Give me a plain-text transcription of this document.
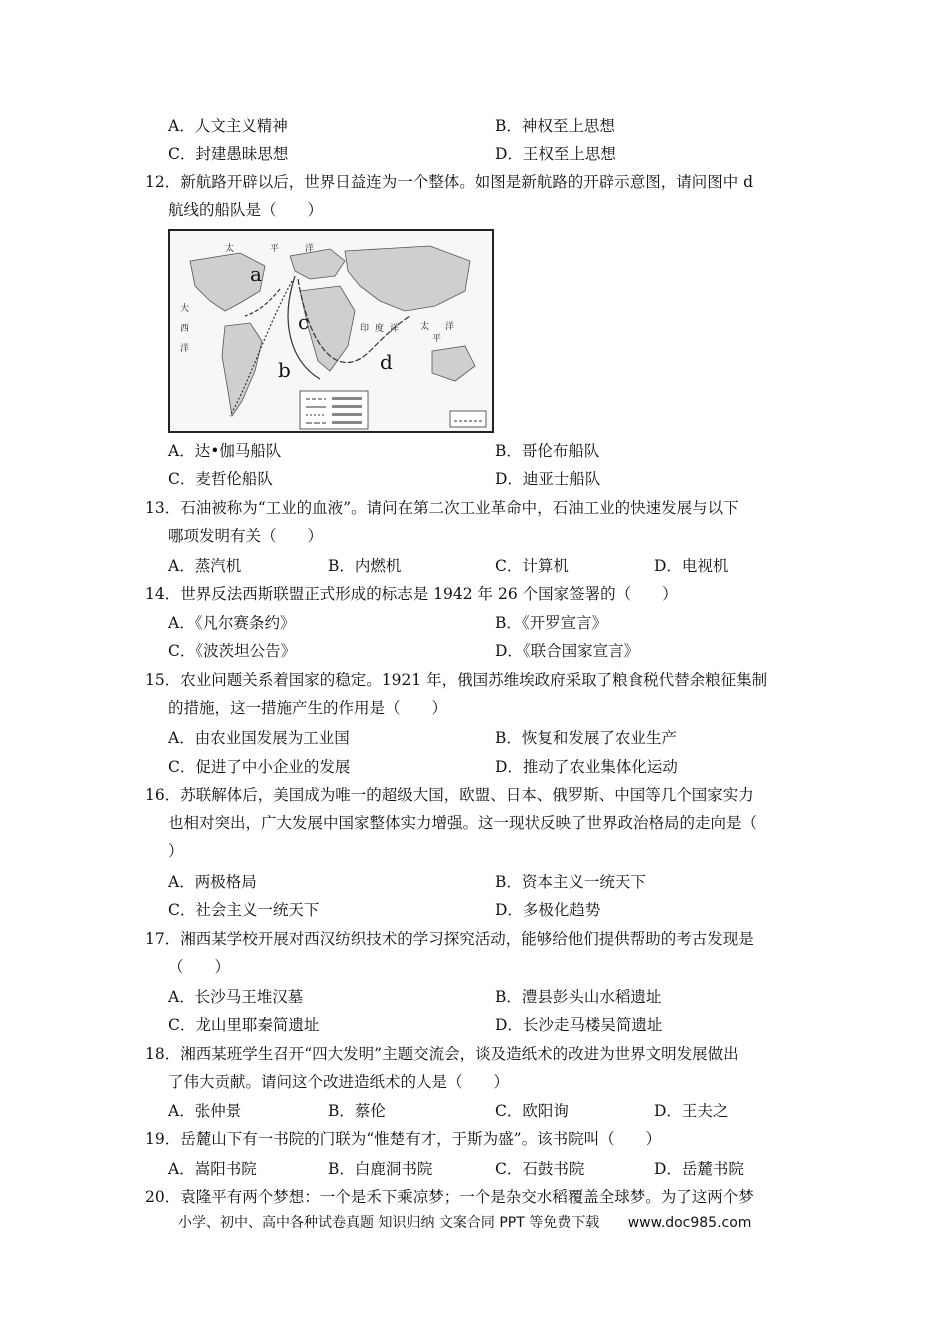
A．人文主义精神	B．神权至上思想
C．封建愚昧思想	D．王权至上思想
12．新航路开辟以后，世界日益连为一个整体。如图是新航路的开辟示意图，请问图中 d
航线的船队是（　　）
a
b
c
d
大
西
洋
太	平	洋
印 度 洋 太
平
洋
A．达•伽马船队	B．哥伦布船队
C．麦哲伦船队	D．迪亚士船队
13．石油被称为“工业的血液”。请问在第二次工业革命中，石油工业的快速发展与以下
哪项发明有关（　　）
A．蒸汽机	B．内燃机	C．计算机	D．电视机
14．世界反法西斯联盟正式形成的标志是 1942 年 26 个国家签署的（　　）
A．《凡尔赛条约》	B．《开罗宣言》
C．《波茨坦公告》	D．《联合国家宣言》
15．农业问题关系着国家的稳定。1921 年，俄国苏维埃政府采取了粮食税代替余粮征集制
的措施，这一措施产生的作用是（　　）
A．由农业国发展为工业国	B．恢复和发展了农业生产
C．促进了中小企业的发展	D．推动了农业集体化运动
16．苏联解体后，美国成为唯一的超级大国，欧盟、日本、俄罗斯、中国等几个国家实力
也相对突出，广大发展中国家整体实力增强。这一现状反映了世界政治格局的走向是（
）
A．两极格局	B．资本主义一统天下
C．社会主义一统天下	D．多极化趋势
17．湘西某学校开展对西汉纺织技术的学习探究活动，能够给他们提供帮助的考古发现是
（　　）
A．长沙马王堆汉墓	B．澧县彭头山水稻遗址
C．龙山里耶秦简遗址	D．长沙走马楼吴简遗址
18．湘西某班学生召开“四大发明”主题交流会，谈及造纸术的改进为世界文明发展做出
了伟大贡献。请问这个改进造纸术的人是（　　）
A．张仲景	B．蔡伦	C．欧阳询	D．王夫之
19．岳麓山下有一书院的门联为“惟楚有才，于斯为盛”。该书院叫（　　）
A．嵩阳书院	B．白鹿洞书院	C．石鼓书院	D．岳麓书院
20．袁隆平有两个梦想：一个是禾下乘凉梦；一个是杂交水稻覆盖全球梦。为了这两个梦
小学、初中、高中各种试卷真题 知识归纳 文案合同 PPT 等免费下载 www.doc985.com
